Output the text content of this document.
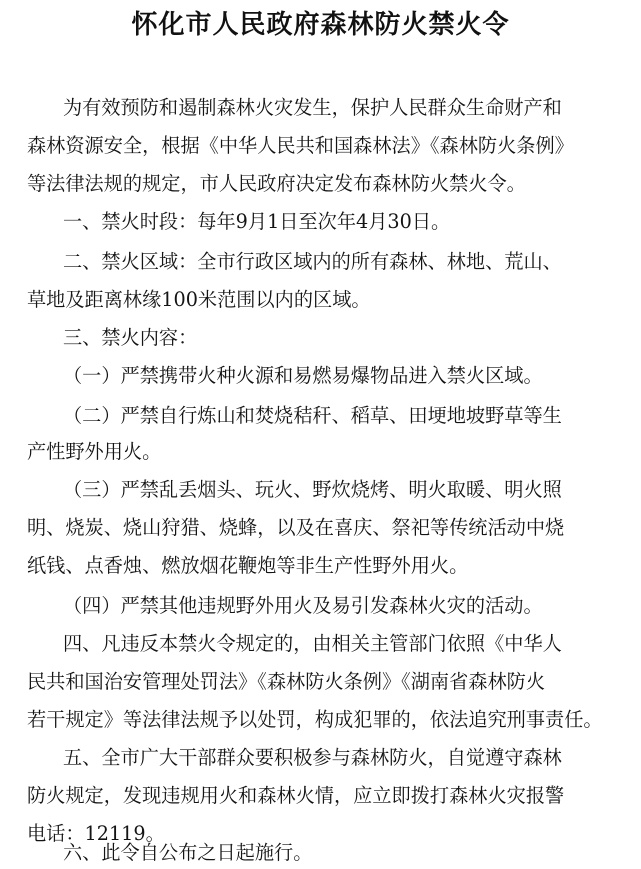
怀化市人民政府森林防火禁火令

为有效预防和遏制森林火灾发生，保护人民群众生命财产和

森林资源安全，根据《中华人民共和国森林法》《森林防火条例》

等法律法规的规定，市人民政府决定发布森林防火禁火令。

一、禁火时段：每年9月1日至次年4月30日。

二、禁火区域：全市行政区域内的所有森林、林地、荒山、

草地及距离林缘100米范围以内的区域。

三、禁火内容：

（一）严禁携带火种火源和易燃易爆物品进入禁火区域。

（二）严禁自行炼山和焚烧秸秆、稻草、田埂地坡野草等生

产性野外用火。

（三）严禁乱丢烟头、玩火、野炊烧烤、明火取暖、明火照

明、烧炭、烧山狩猎、烧蜂，以及在喜庆、祭祀等传统活动中烧

纸钱、点香烛、燃放烟花鞭炮等非生产性野外用火。

（四）严禁其他违规野外用火及易引发森林火灾的活动。

四、凡违反本禁火令规定的，由相关主管部门依照《中华人

民共和国治安管理处罚法》《森林防火条例》《湖南省森林防火

若干规定》等法律法规予以处罚，构成犯罪的，依法追究刑事责任。

五、全市广大干部群众要积极参与森林防火，自觉遵守森林

防火规定，发现违规用火和森林火情，应立即拨打森林火灾报警

电话：12119。

六、此令自公布之日起施行。
